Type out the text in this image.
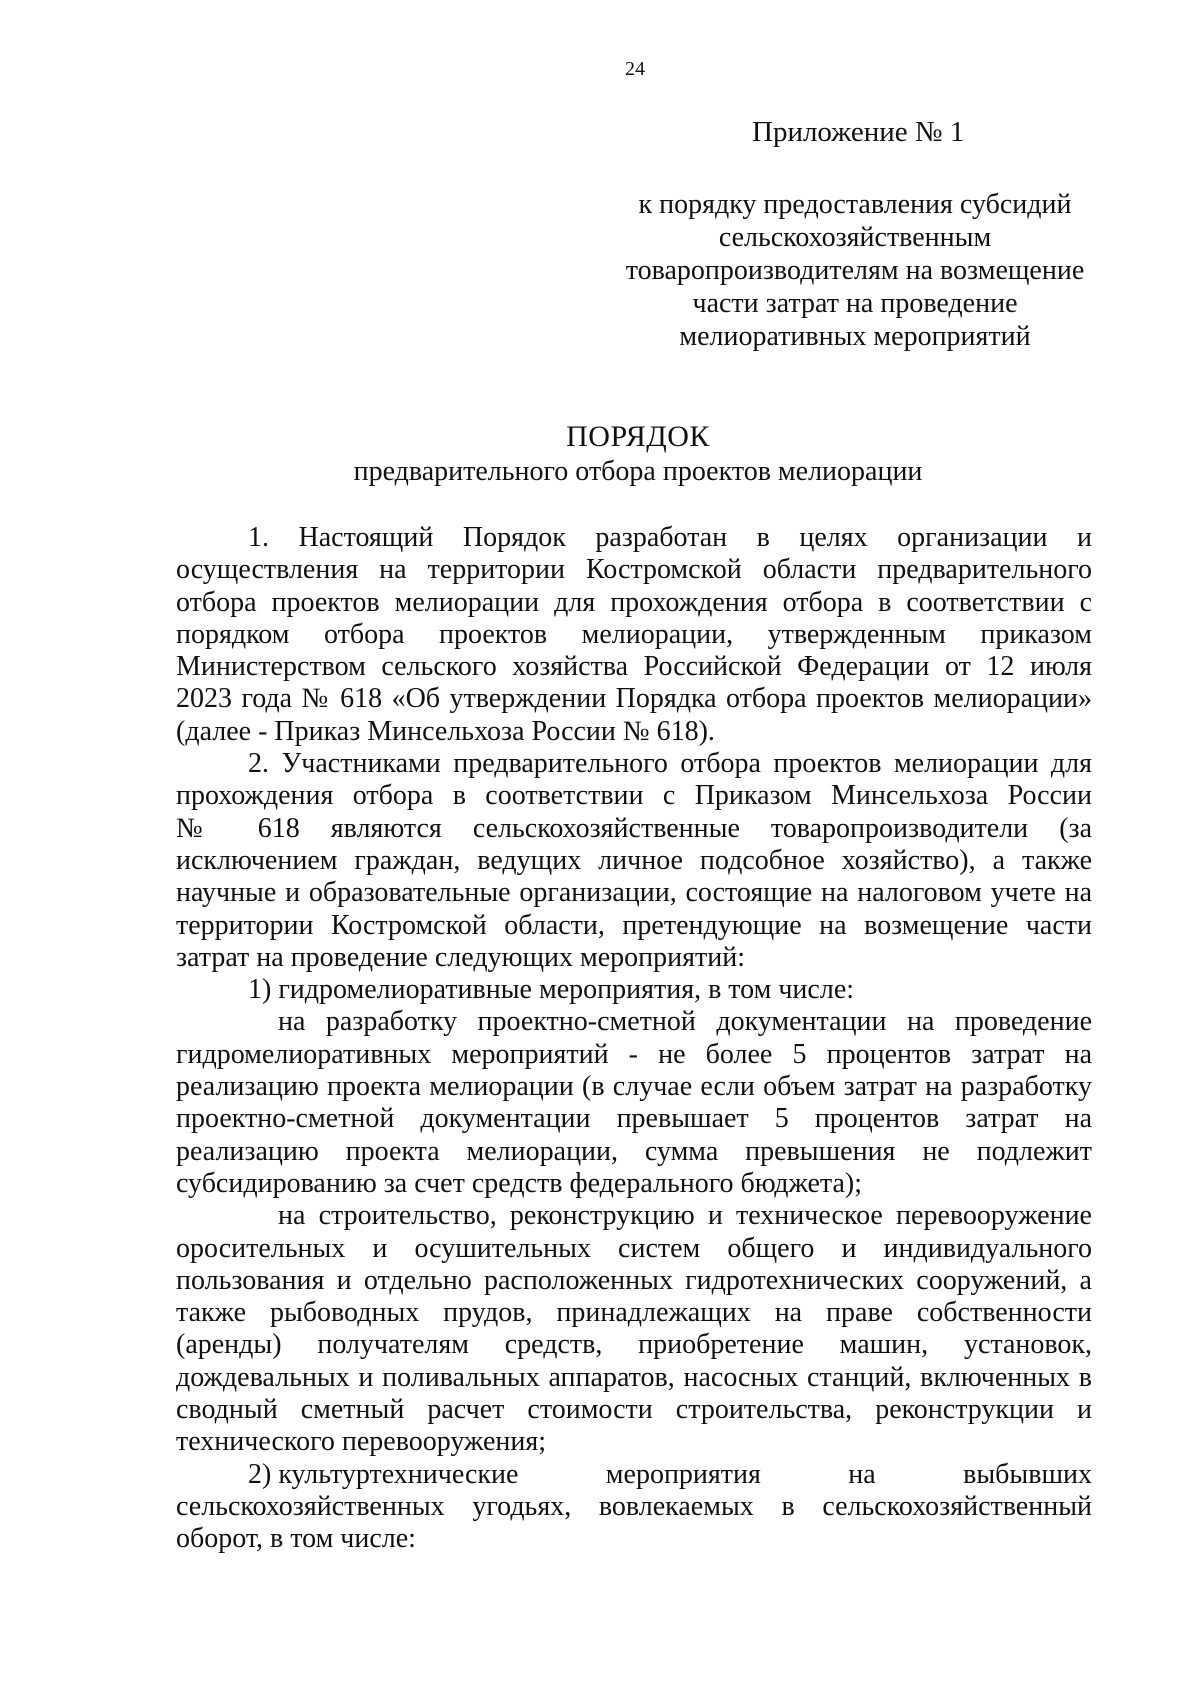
24
Приложение № 1
к порядку предоставления субсидий
сельскохозяйственным
товаропроизводителям на возмещение
части затрат на проведение
мелиоративных мероприятий
ПОРЯДОК
предварительного отбора проектов мелиорации
1. Настоящий Порядок разработан в целях организации и
осуществления на территории Костромской области предварительного
отбора проектов мелиорации для прохождения отбора в соответствии с
порядком отбора проектов мелиорации, утвержденным приказом
Министерством сельского хозяйства Российской Федерации от 12 июля
2023 года № 618 «Об утверждении Порядка отбора проектов мелиорации»
(далее - Приказ Минсельхоза России № 618).
2. Участниками предварительного отбора проектов мелиорации для
прохождения отбора в соответствии с Приказом Минсельхоза России
№ 618 являются сельскохозяйственные товаропроизводители (за
исключением граждан, ведущих личное подсобное хозяйство), а также
научные и образовательные организации, состоящие на налоговом учете на
территории Костромской области, претендующие на возмещение части
затрат на проведение следующих мероприятий:
1) гидромелиоративные мероприятия, в том числе:
на разработку проектно-сметной документации на проведение
гидромелиоративных мероприятий - не более 5 процентов затрат на
реализацию проекта мелиорации (в случае если объем затрат на разработку
проектно-сметной документации превышает 5 процентов затрат на
реализацию проекта мелиорации, сумма превышения не подлежит
субсидированию за счет средств федерального бюджета);
на строительство, реконструкцию и техническое перевооружение
оросительных и осушительных систем общего и индивидуального
пользования и отдельно расположенных гидротехнических сооружений, а
также рыбоводных прудов, принадлежащих на праве собственности
(аренды) получателям средств, приобретение машин, установок,
дождевальных и поливальных аппаратов, насосных станций, включенных в
сводный сметный расчет стоимости строительства, реконструкции и
технического перевооружения;
2) культуртехнические	мероприятия	на	выбывших
сельскохозяйственных угодьях, вовлекаемых в сельскохозяйственный
оборот, в том числе:
